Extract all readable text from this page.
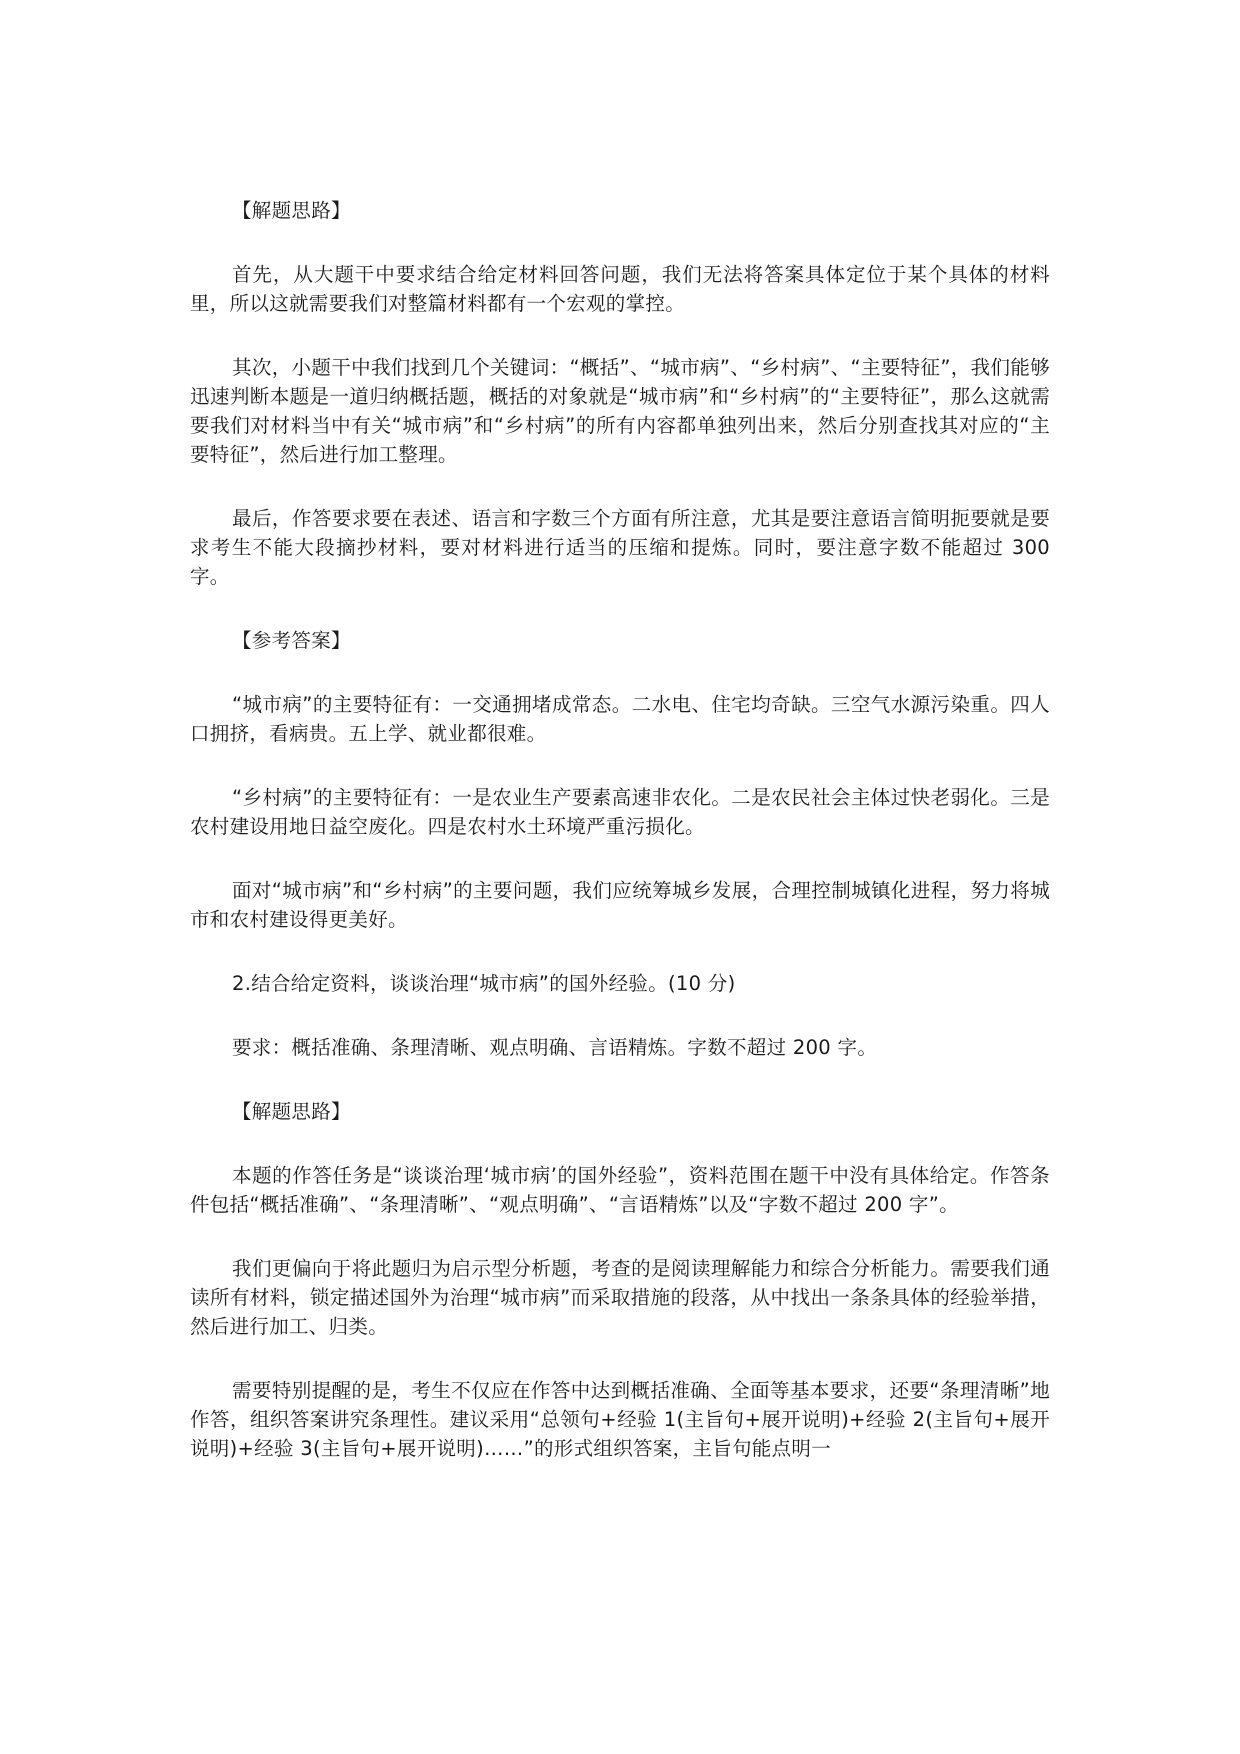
【解题思路】

首先，从大题干中要求结合给定材料回答问题，我们无法将答案具体定位于某个具体的材料里，所以这就需要我们对整篇材料都有一个宏观的掌控。

其次，小题干中我们找到几个关键词：“概括”、“城市病”、“乡村病”、“主要特征”，我们能够迅速判断本题是一道归纳概括题，概括的对象就是“城市病”和“乡村病”的“主要特征”，那么这就需要我们对材料当中有关“城市病”和“乡村病”的所有内容都单独列出来，然后分别查找其对应的“主要特征”，然后进行加工整理。

最后，作答要求要在表述、语言和字数三个方面有所注意，尤其是要注意语言简明扼要就是要求考生不能大段摘抄材料，要对材料进行适当的压缩和提炼。同时，要注意字数不能超过 300 字。

【参考答案】

“城市病”的主要特征有：一交通拥堵成常态。二水电、住宅均奇缺。三空气水源污染重。四人口拥挤，看病贵。五上学、就业都很难。

“乡村病”的主要特征有：一是农业生产要素高速非农化。二是农民社会主体过快老弱化。三是农村建设用地日益空废化。四是农村水土环境严重污损化。

面对“城市病”和“乡村病”的主要问题，我们应统筹城乡发展，合理控制城镇化进程，努力将城市和农村建设得更美好。

2.结合给定资料，谈谈治理“城市病”的国外经验。(10 分)

要求：概括准确、条理清晰、观点明确、言语精炼。字数不超过 200 字。

【解题思路】

本题的作答任务是“谈谈治理‘城市病’的国外经验”，资料范围在题干中没有具体给定。作答条件包括“概括准确”、“条理清晰”、“观点明确”、“言语精炼”以及“字数不超过 200 字”。

我们更偏向于将此题归为启示型分析题，考查的是阅读理解能力和综合分析能力。需要我们通读所有材料，锁定描述国外为治理“城市病”而采取措施的段落，从中找出一条条具体的经验举措，然后进行加工、归类。

需要特别提醒的是，考生不仅应在作答中达到概括准确、全面等基本要求，还要“条理清晰”地作答，组织答案讲究条理性。建议采用“总领句+经验 1(主旨句+展开说明)+经验 2(主旨句+展开说明)+经验 3(主旨句+展开说明)……”的形式组织答案，主旨句能点明一
